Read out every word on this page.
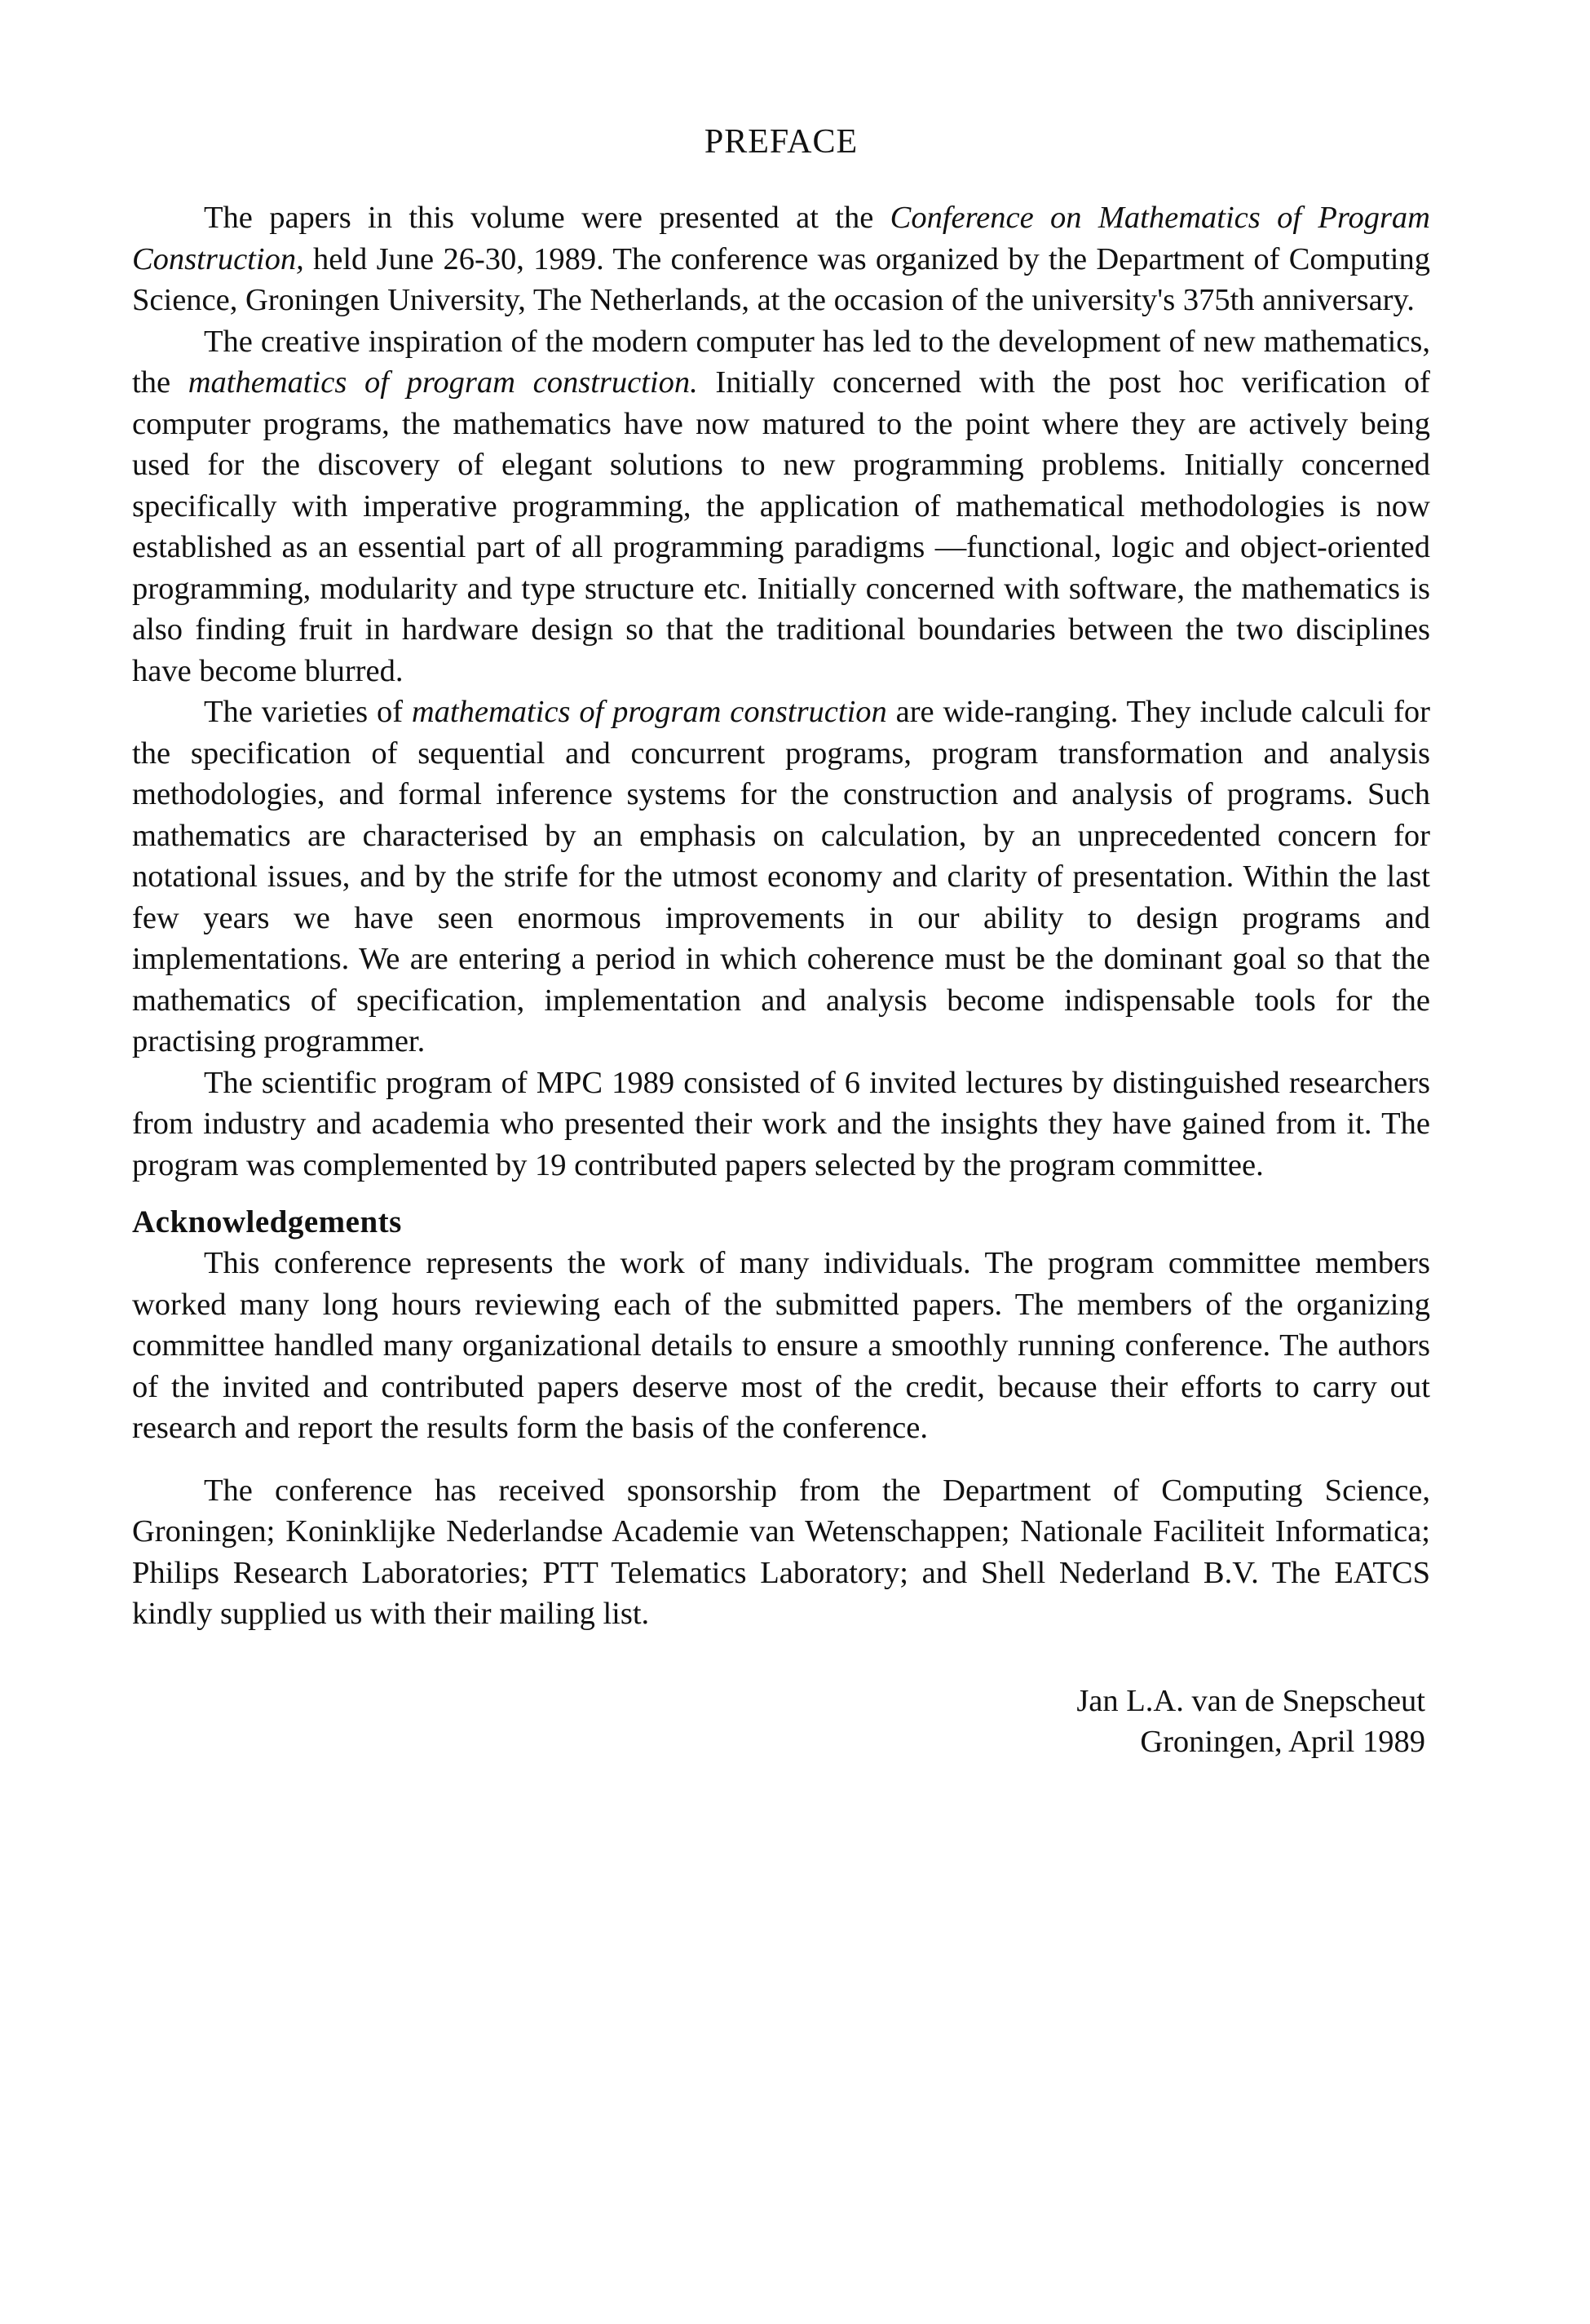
PREFACE

The papers in this volume were presented at the Conference on Mathematics of Program Construction, held June 26-30, 1989. The conference was organized by the Department of Computing Science, Groningen University, The Netherlands, at the occasion of the university's 375th anniversary.

The creative inspiration of the modern computer has led to the development of new mathematics, the mathematics of program construction. Initially concerned with the post hoc verification of computer programs, the mathematics have now matured to the point where they are actively being used for the discovery of elegant solutions to new programming problems. Initially concerned specifically with imperative programming, the application of mathematical methodologies is now established as an essential part of all programming paradigms —functional, logic and object-oriented programming, modularity and type structure etc. Initially concerned with software, the mathematics is also finding fruit in hardware design so that the traditional boundaries between the two disciplines have become blurred.

The varieties of mathematics of program construction are wide-ranging. They include calculi for the specification of sequential and concurrent programs, program transformation and analysis methodologies, and formal inference systems for the construction and analysis of programs. Such mathematics are characterised by an emphasis on calculation, by an unprecedented concern for notational issues, and by the strife for the utmost economy and clarity of presentation. Within the last few years we have seen enormous improvements in our ability to design programs and implementations. We are entering a period in which coherence must be the dominant goal so that the mathematics of specification, implementation and analysis become indispensable tools for the practising programmer.

The scientific program of MPC 1989 consisted of 6 invited lectures by distinguished researchers from industry and academia who presented their work and the insights they have gained from it. The program was complemented by 19 contributed papers selected by the program committee.

Acknowledgements

This conference represents the work of many individuals. The program committee members worked many long hours reviewing each of the submitted papers. The members of the organizing committee handled many organizational details to ensure a smoothly running conference. The authors of the invited and contributed papers deserve most of the credit, because their efforts to carry out research and report the results form the basis of the conference.

The conference has received sponsorship from the Department of Computing Science, Groningen; Koninklijke Nederlandse Academie van Wetenschappen; Nationale Faciliteit Informatica; Philips Research Laboratories; PTT Telematics Laboratory; and Shell Nederland B.V. The EATCS kindly supplied us with their mailing list.

Jan L.A. van de Snepscheut
Groningen, April 1989
